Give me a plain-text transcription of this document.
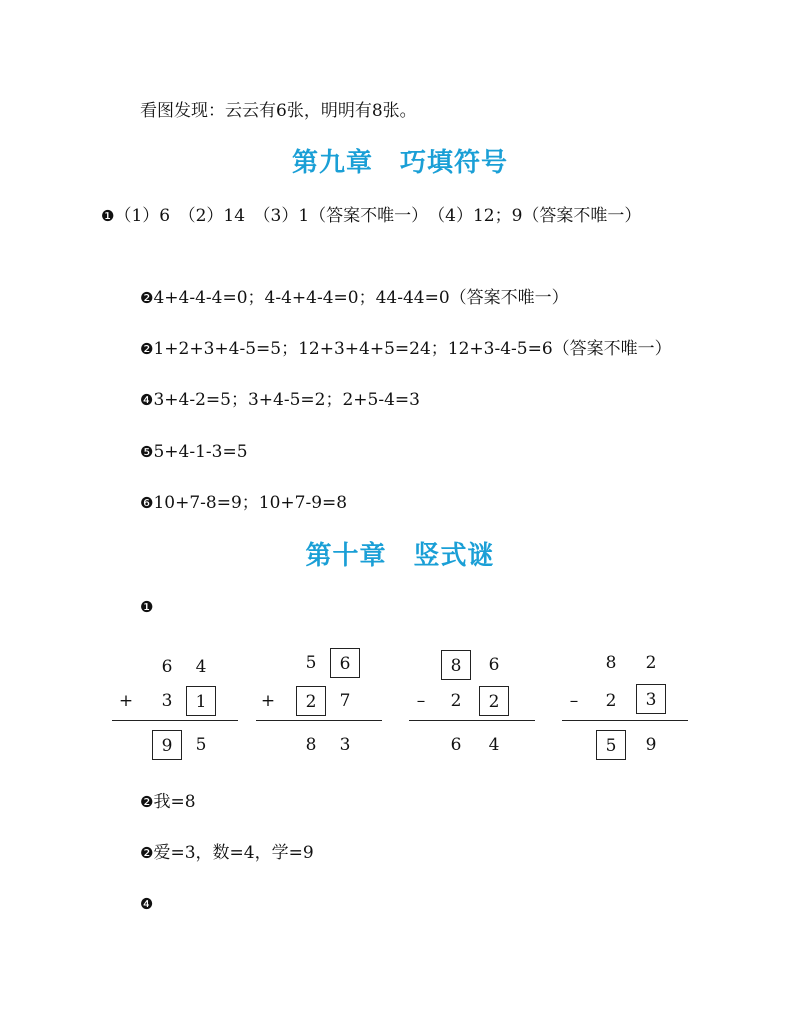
看图发现：云云有6张，明明有8张。
第九章　巧填符号
❶（1）6　（2）14　（3）1（答案不唯一）　（4）12；9（答案不唯一）
❷4+4-4-4=0；4-4+4-4=0；44-44=0（答案不唯一）
❷1+2+3+4-5=5；12+3+4+5=24；12+3-4-5=6（答案不唯一）
❹3+4-2=5；3+4-5=2；2+5-4=3
❺5+4-1-3=5
❻10+7-8=9；10+7-9=8
第十章　竖式谜
❶
6	4
+	3	1
9	5
5	6
+	2	7
8	3
8	6
–	2	2
6	4
8	2
–	2	3
5	9
❷我=8
❷爱=3，数=4，学=9
❹
